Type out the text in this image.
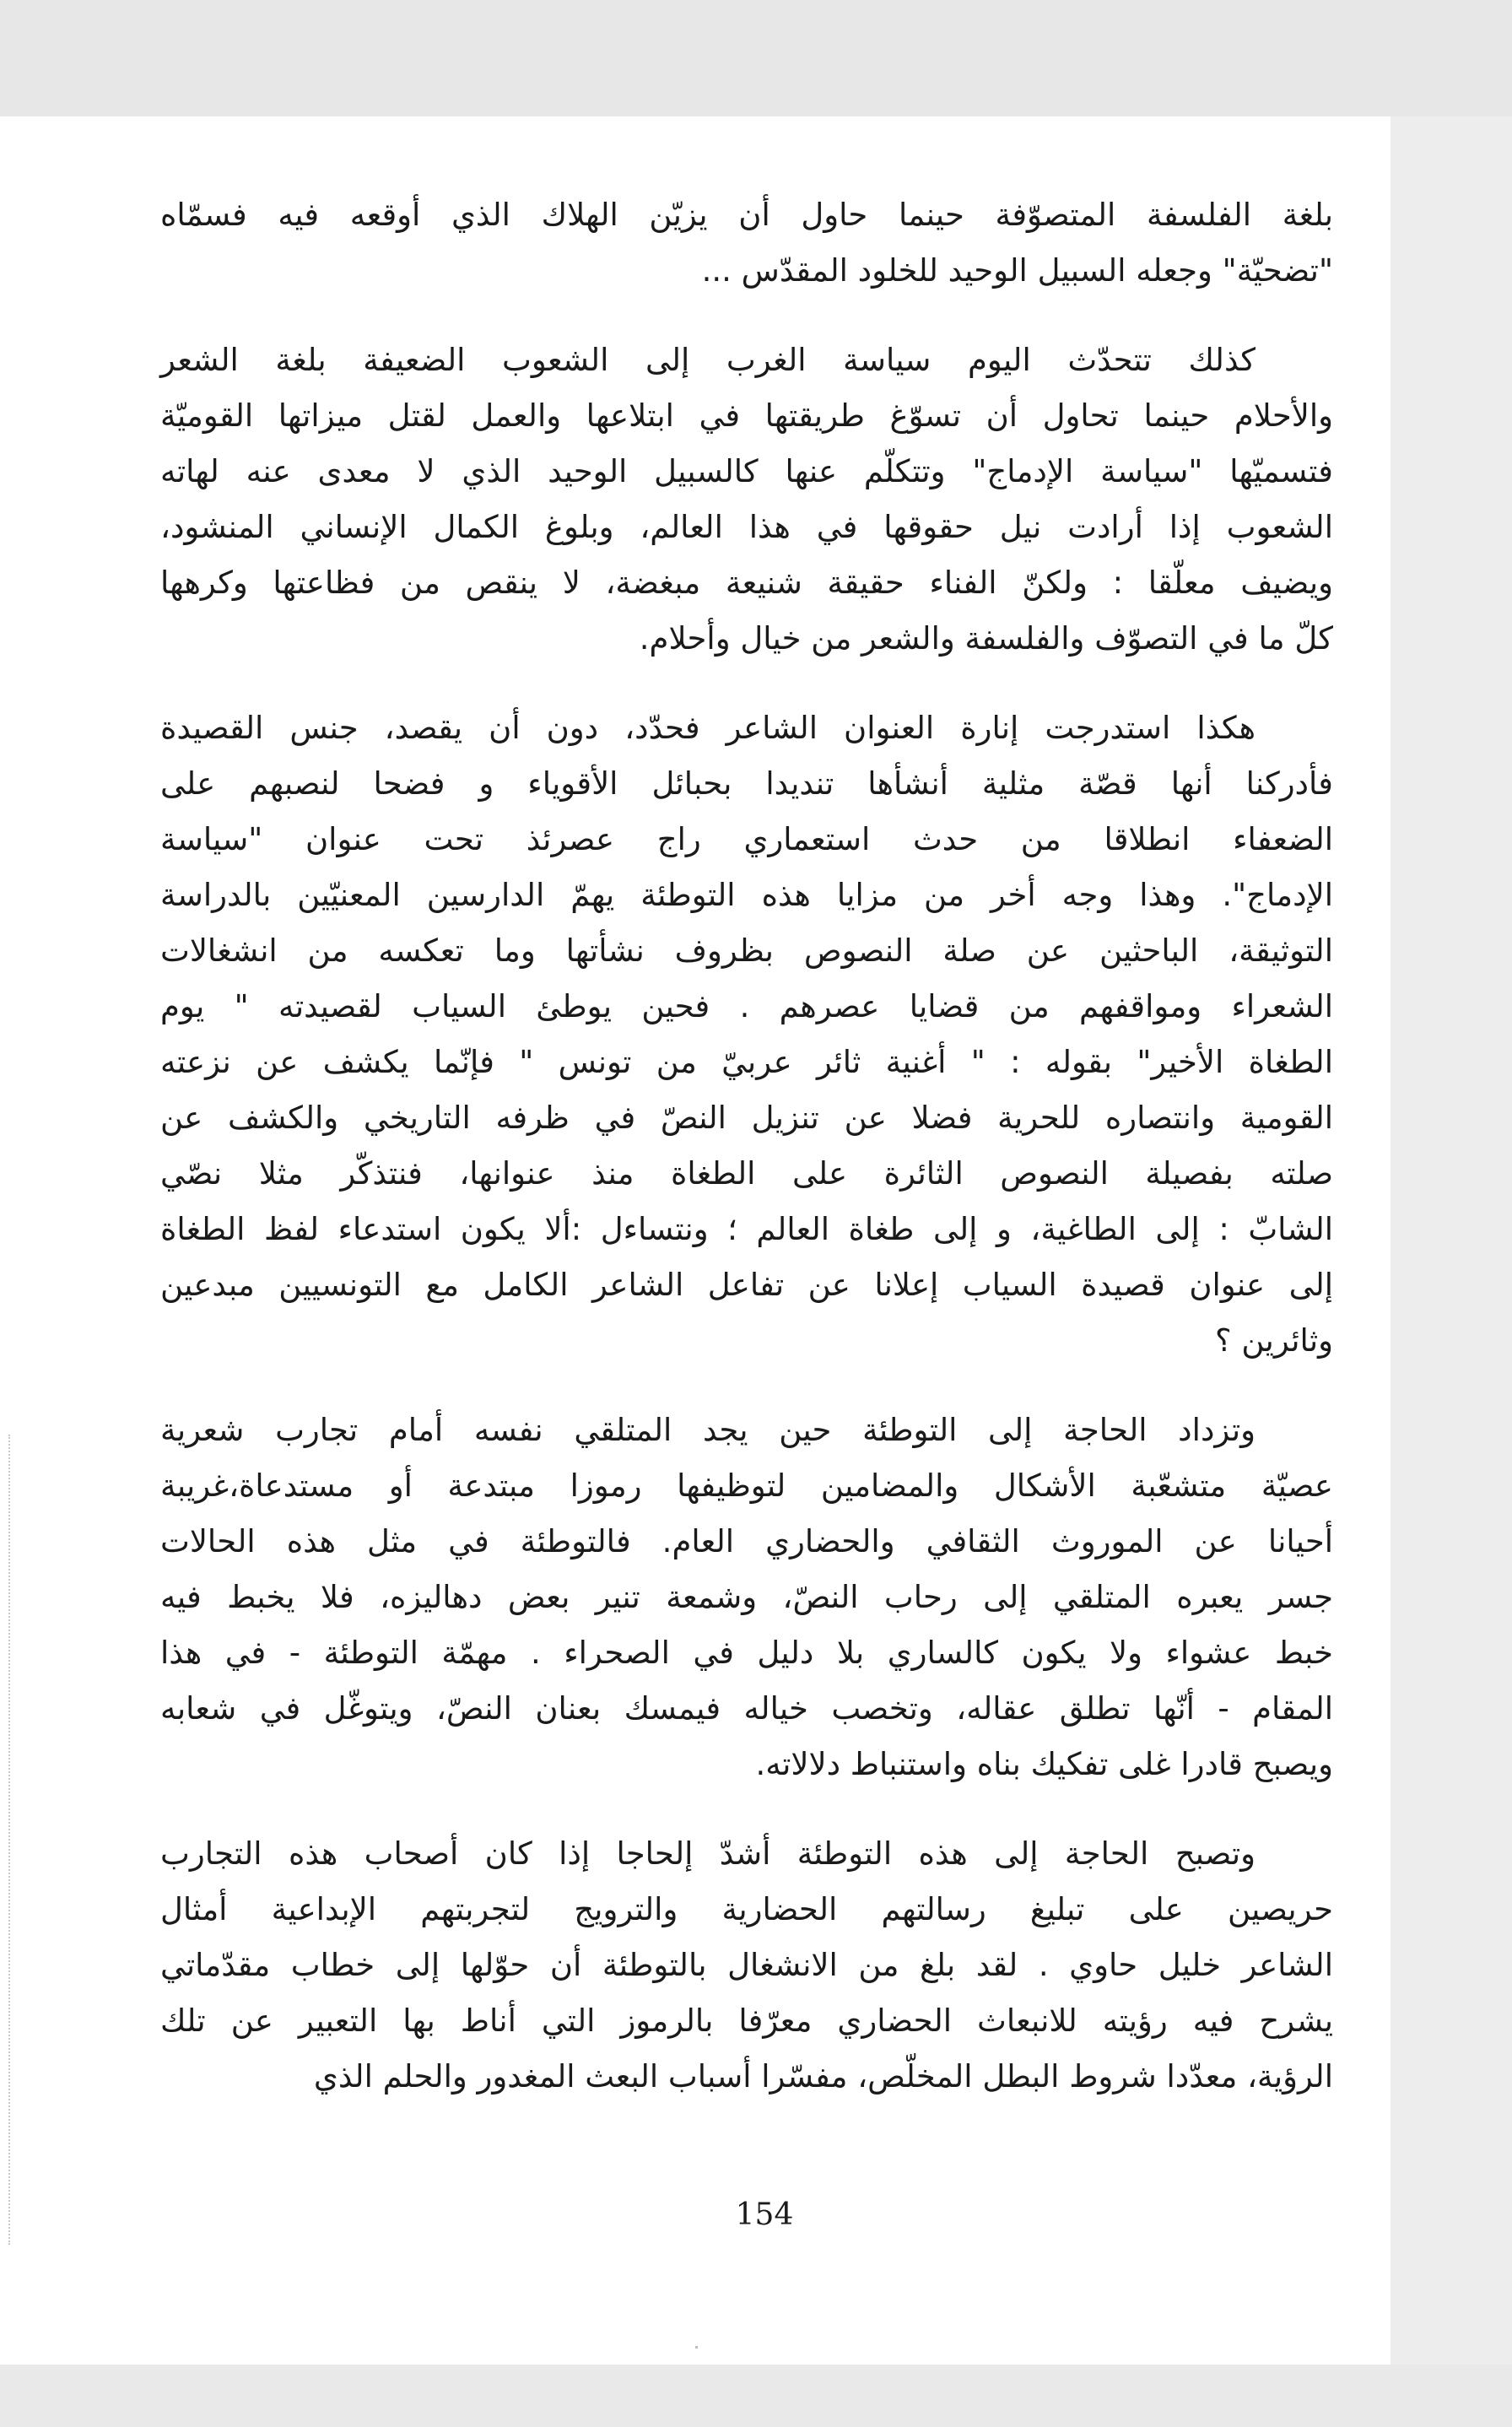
بلغة الفلسفة المتصوّفة حينما حاول أن يزيّن الهلاك الذي أوقعه فيه فسمّاه
"تضحيّة" وجعله السبيل الوحيد للخلود المقدّس ...
كذلك تتحدّث اليوم سياسة الغرب إلى الشعوب الضعيفة بلغة الشعر
والأحلام حينما تحاول أن تسوّغ طريقتها في ابتلاعها والعمل لقتل ميزاتها القوميّة
فتسميّها "سياسة الإدماج" وتتكلّم عنها كالسبيل الوحيد الذي لا معدى عنه لهاته
الشعوب إذا أرادت نيل حقوقها في هذا العالم، وبلوغ الكمال الإنساني المنشود،
ويضيف معلّقا : ولكنّ الفناء حقيقة شنيعة مبغضة، لا ينقص من فظاعتها وكرهها
كلّ ما في التصوّف والفلسفة والشعر من خيال وأحلام.
هكذا استدرجت إنارة العنوان الشاعر فحدّد، دون أن يقصد، جنس القصيدة
فأدركنا أنها قصّة مثلية أنشأها تنديدا بحبائل الأقوياء و فضحا لنصبهم على
الضعفاء انطلاقا من حدث استعماري راج عصرئذ تحت عنوان "سياسة
الإدماج". وهذا وجه أخر من مزايا هذه التوطئة يهمّ الدارسين المعنيّين بالدراسة
التوثيقة، الباحثين عن صلة النصوص بظروف نشأتها وما تعكسه من انشغالات
الشعراء ومواقفهم من قضايا عصرهم . فحين يوطئ السياب لقصيدته " يوم
الطغاة الأخير" بقوله : " أغنية ثائر عربيّ من تونس " فإنّما يكشف عن نزعته
القومية وانتصاره للحرية فضلا عن تنزيل النصّ في ظرفه التاريخي والكشف عن
صلته بفصيلة النصوص الثائرة على الطغاة منذ عنوانها، فنتذكّر مثلا نصّي
الشابّ : إلى الطاغية، و إلى طغاة العالم ؛ ونتساءل :ألا يكون استدعاء لفظ الطغاة
إلى عنوان قصيدة السياب إعلانا عن تفاعل الشاعر الكامل مع التونسيين مبدعين
وثائرين ؟
وتزداد الحاجة إلى التوطئة حين يجد المتلقي نفسه أمام تجارب شعرية
عصيّة متشعّبة الأشكال والمضامين لتوظيفها رموزا مبتدعة أو مستدعاة،غريبة
أحيانا عن الموروث الثقافي والحضاري العام. فالتوطئة في مثل هذه الحالات
جسر يعبره المتلقي إلى رحاب النصّ، وشمعة تنير بعض دهاليزه، فلا يخبط فيه
خبط عشواء ولا يكون كالساري بلا دليل في الصحراء . مهمّة التوطئة - في هذا
المقام - أنّها تطلق عقاله، وتخصب خياله فيمسك بعنان النصّ، ويتوغّل في شعابه
ويصبح قادرا غلى تفكيك بناه واستنباط دلالاته.
وتصبح الحاجة إلى هذه التوطئة أشدّ إلحاجا إذا كان أصحاب هذه التجارب
حريصين على تبليغ رسالتهم الحضارية والترويج لتجربتهم الإبداعية أمثال
الشاعر خليل حاوي . لقد بلغ من الانشغال بالتوطئة أن حوّلها إلى خطاب مقدّماتي
يشرح فيه رؤيته للانبعاث الحضاري معرّفا بالرموز التي أناط بها التعبير عن تلك
الرؤية، معدّدا شروط البطل المخلّص، مفسّرا أسباب البعث المغدور والحلم الذي
154
